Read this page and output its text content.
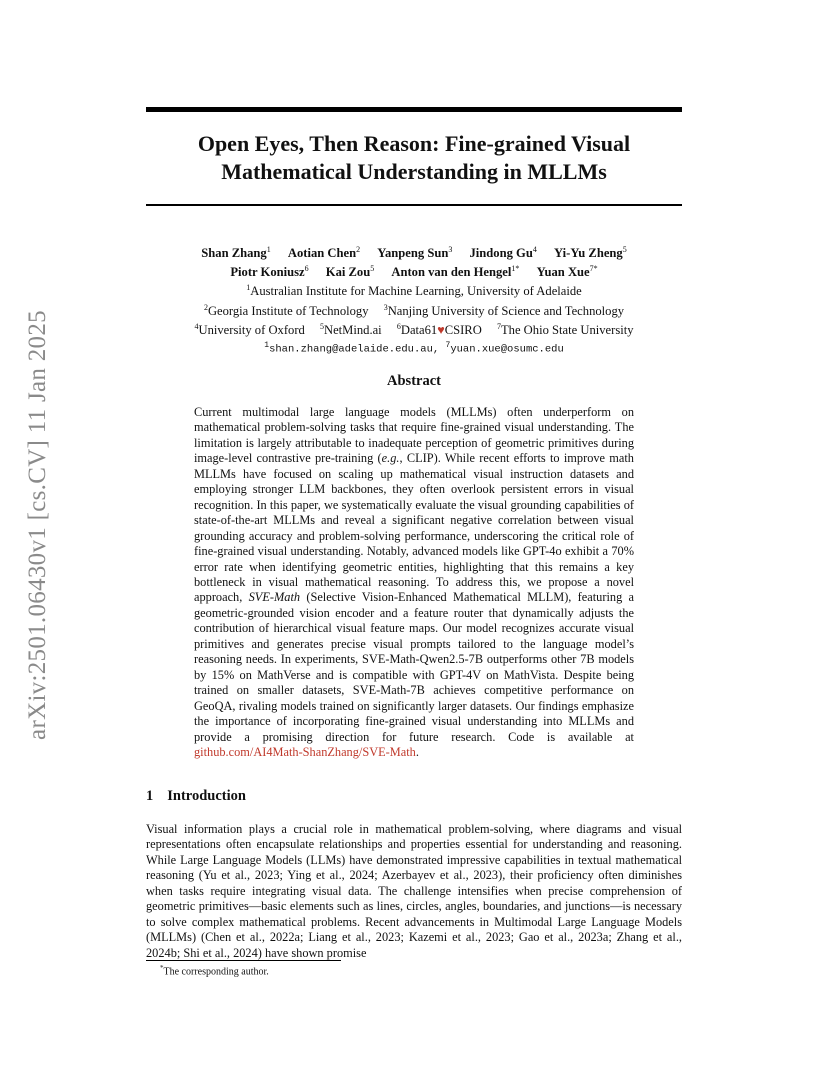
arXiv:2501.06430v1 [cs.CV] 11 Jan 2025
Open Eyes, Then Reason: Fine-grained Visual
Mathematical Understanding in MLLMs
Shan Zhang$^1$ Aotian Chen$^2$ Yanpeng Sun$^3$ Jindong Gu$^4$ Yi-Yu Zheng$^5$
Piotr Koniusz$^6$ Kai Zou$^5$ Anton van den Hengel$^{1*}$ Yuan Xue$^{7*}$
$^1$Australian Institute for Machine Learning, University of Adelaide
$^2$Georgia Institute of Technology $^3$Nanjing University of Science and Technology
$^4$University of Oxford $^5$NetMind.ai $^6$Data61♥CSIRO $^7$The Ohio State University
$^1$shan.zhang@adelaide.edu.au, $^7$yuan.xue@osumc.edu
Abstract

Current multimodal large language models (MLLMs) often underperform on mathematical problem-solving tasks that require fine-grained visual understanding. The limitation is largely attributable to inadequate perception of geometric primitives during image-level contrastive pre-training (e.g., CLIP). While recent efforts to improve math MLLMs have focused on scaling up mathematical visual instruction datasets and employing stronger LLM backbones, they often overlook persistent errors in visual recognition. In this paper, we systematically evaluate the visual grounding capabilities of state-of-the-art MLLMs and reveal a significant negative correlation between visual grounding accuracy and problem-solving performance, underscoring the critical role of fine-grained visual understanding. Notably, advanced models like GPT-4o exhibit a 70% error rate when identifying geometric entities, highlighting that this remains a key bottleneck in visual mathematical reasoning. To address this, we propose a novel approach, SVE-Math (Selective Vision-Enhanced Mathematical MLLM), featuring a geometric-grounded vision encoder and a feature router that dynamically adjusts the contribution of hierarchical visual feature maps. Our model recognizes accurate visual primitives and generates precise visual prompts tailored to the language model’s reasoning needs. In experiments, SVE-Math-Qwen2.5-7B outperforms other 7B models by 15% on MathVerse and is compatible with GPT-4V on MathVista. Despite being trained on smaller datasets, SVE-Math-7B achieves competitive performance on GeoQA, rivaling models trained on significantly larger datasets. Our findings emphasize the importance of incorporating fine-grained visual understanding into MLLMs and provide a promising direction for future research. Code is available at github.com/AI4Math-ShanZhang/SVE-Math.

1 Introduction

Visual information plays a crucial role in mathematical problem-solving, where diagrams and visual representations often encapsulate relationships and properties essential for understanding and reasoning. While Large Language Models (LLMs) have demonstrated impressive capabilities in textual mathematical reasoning (Yu et al., 2023; Ying et al., 2024; Azerbayev et al., 2023), their proficiency often diminishes when tasks require integrating visual data. The challenge intensifies when precise comprehension of geometric primitives—basic elements such as lines, circles, angles, boundaries, and junctions—is necessary to solve complex mathematical problems. Recent advancements in Multimodal Large Language Models (MLLMs) (Chen et al., 2022a; Liang et al., 2023; Kazemi et al., 2023; Gao et al., 2023a; Zhang et al., 2024b; Shi et al., 2024) have shown promise

*The corresponding author.
